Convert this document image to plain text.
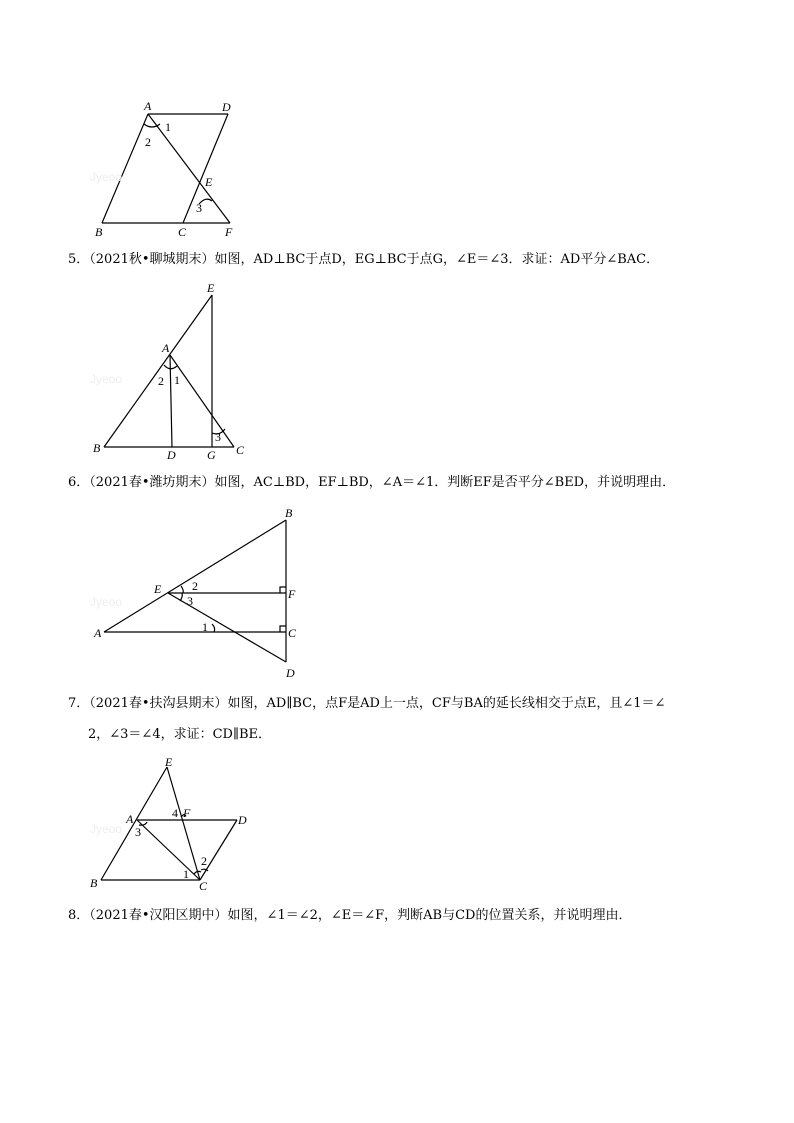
A	D
B	C	F
E
1
2
3
Jyeoo
5．（2021秋•聊城期末）如图，AD⊥BC于点D，EG⊥BC于点G，∠E＝∠3．求证：AD平分∠BAC．
E
A
B	D	G C
1
2
3
Jyeoo
6．（2021春•潍坊期末）如图，AC⊥BD，EF⊥BD，∠A＝∠1．判断EF是否平分∠BED，并说明理由．
B
E	F
A	C
D
1
2
3
Jyeoo
7．（2021春•扶沟县期末）如图，AD∥BC，点F是AD上一点，CF与BA的延长线相交于点E，且∠1＝∠
2，∠3＝∠4，求证：CD∥BE．
E
A	F	D
B	C
1
2
3
4
Jyeoo
8．（2021春•汉阳区期中）如图，∠1＝∠2，∠E＝∠F，判断AB与CD的位置关系，并说明理由．
